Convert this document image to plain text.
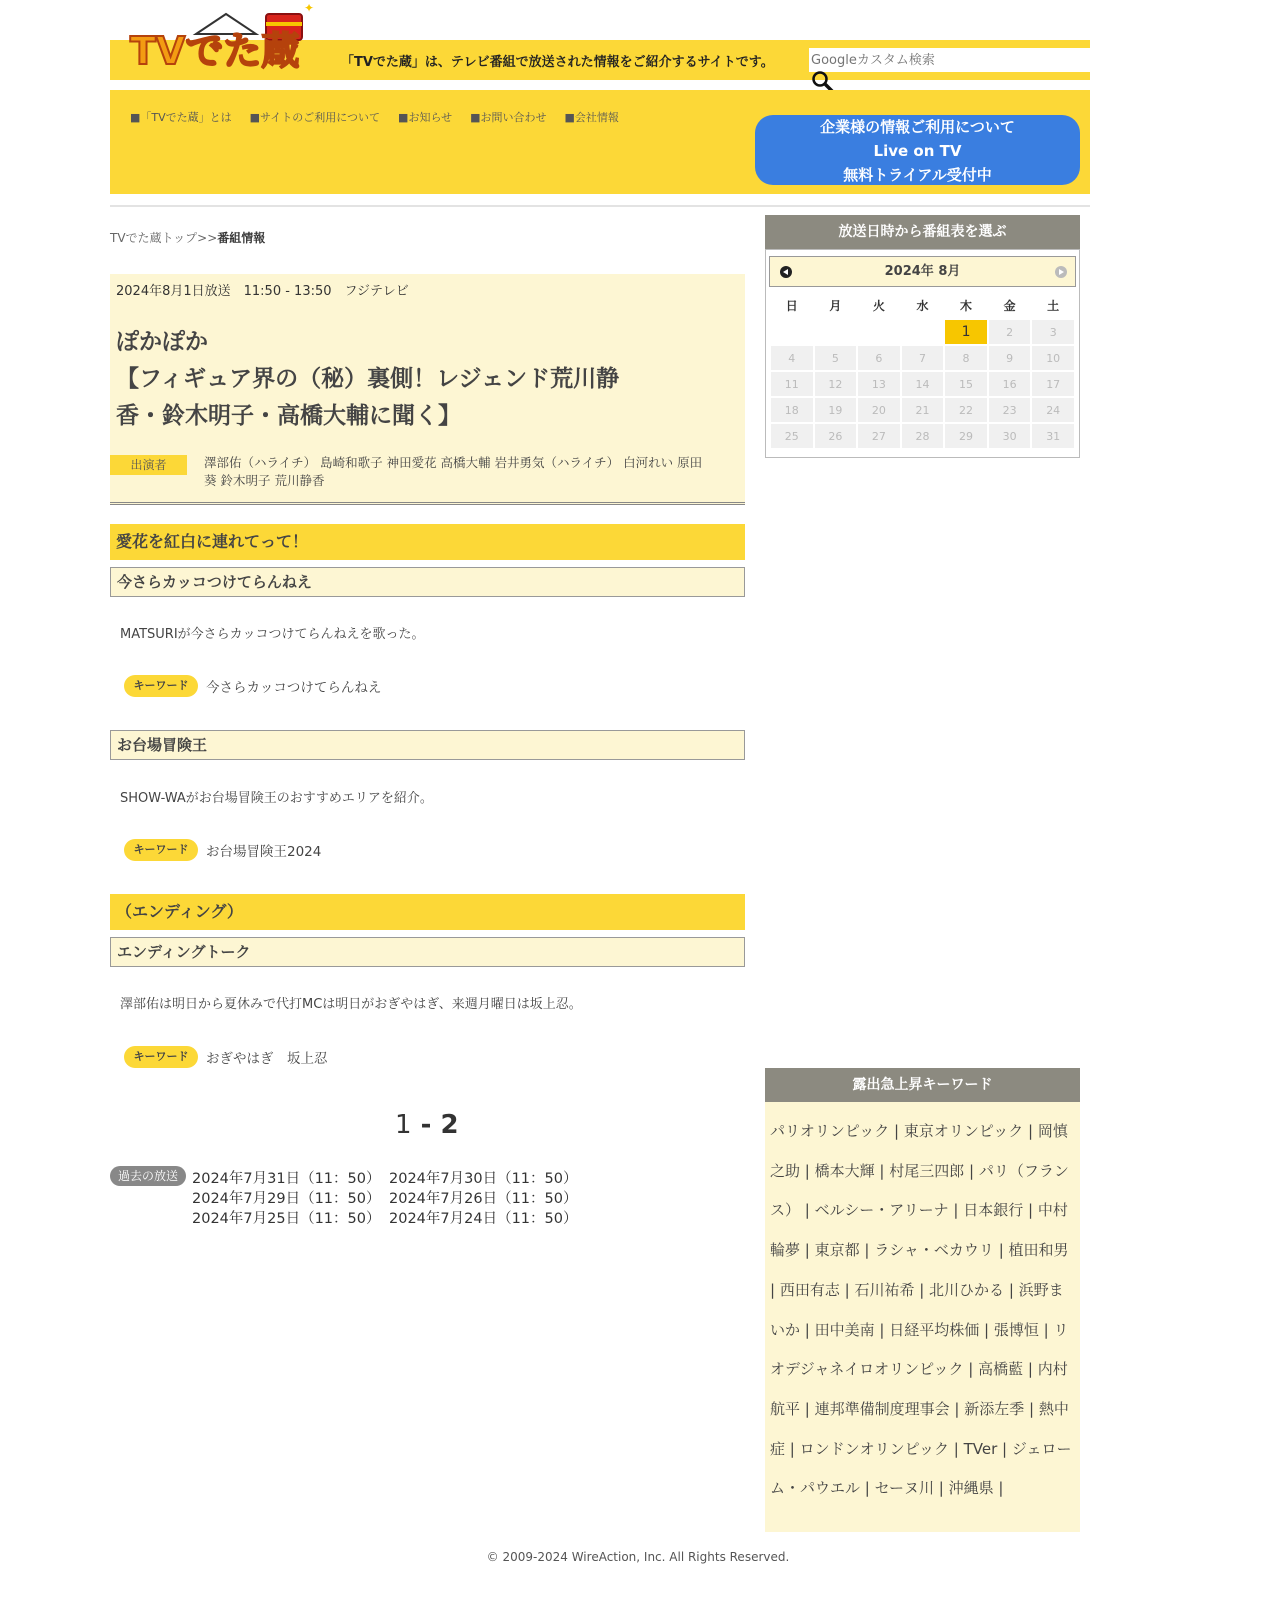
✦
TVでた蔵	「TVでた蔵」は、テレビ番組で放送された情報をご紹介するサイトです。
Googleカスタム検索
■「TVでた蔵」とは ■サイトのご利用について ■お知らせ ■お問い合わせ ■会社情報
企業様の情報ご利用について
Live on TV
無料トライアル受付中
TVでた蔵トップ>>番組情報
2024年8月1日放送　11:50 - 13:50　フジテレビ
ぽかぽか
【フィギュア界の（秘）裏側！レジェンド荒川静
香・鈴木明子・高橋大輔に聞く】
出演者	澤部佑（ハライチ） 島崎和歌子 神田愛花 高橋大輔 岩井勇気（ハライチ） 白河れい 原田葵 鈴木明子 荒川静香
愛花を紅白に連れてって！
今さらカッコつけてらんねえ
MATSURIが今さらカッコつけてらんねえを歌った。
キーワード 今さらカッコつけてらんねえ
お台場冒険王
SHOW-WAがお台場冒険王のおすすめエリアを紹介。
キーワード お台場冒険王2024
（エンディング）
エンディングトーク
澤部佑は明日から夏休みで代打MCは明日がおぎやはぎ、来週月曜日は坂上忍。
キーワード おぎやはぎ　坂上忍
1 - 2
過去の放送 2024年7月31日（11：50） 2024年7月30日（11：50）
2024年7月29日（11：50） 2024年7月26日（11：50）
2024年7月25日（11：50） 2024年7月24日（11：50）
放送日時から番組表を選ぶ
2024年 8月
日	月	火	水	木	金	土
				1	2	3
4	5	6	7	8	9	10
11	12	13	14	15	16	17
18	19	20	21	22	23	24
25	26	27	28	29	30	31
露出急上昇キーワード
パリオリンピック | 東京オリンピック | 岡慎之助 | 橋本大輝 | 村尾三四郎 | パリ（フランス） | ベルシー・アリーナ | 日本銀行 | 中村輪夢 | 東京都 | ラシャ・ベカウリ | 植田和男 | 西田有志 | 石川祐希 | 北川ひかる | 浜野まいか | 田中美南 | 日経平均株価 | 張博恒 | リオデジャネイロオリンピック | 高橋藍 | 内村航平 | 連邦準備制度理事会 | 新添左季 | 熱中症 | ロンドンオリンピック | TVer | ジェローム・パウエル | セーヌ川 | 沖縄県 |
© 2009-2024 WireAction, Inc. All Rights Reserved.
